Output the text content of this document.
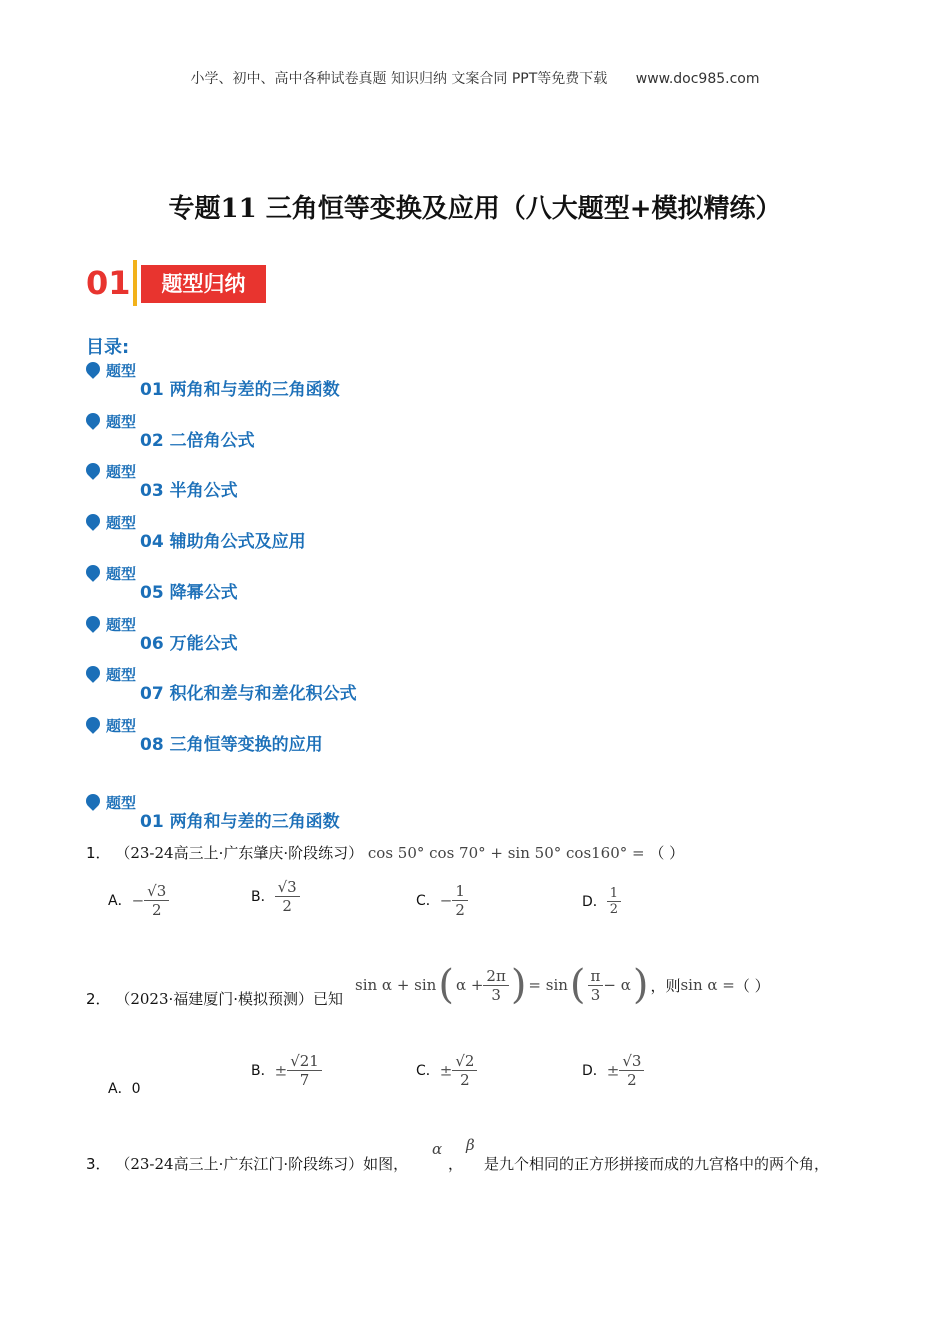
小学、初中、高中各种试卷真题 知识归纳 文案合同 PPT等免费下载 www.doc985.com
专题11 三角恒等变换及应用（八大题型+模拟精练）
01	题型归纳
目录:
题型
01 两角和与差的三角函数
题型
02 二倍角公式
题型
03 半角公式
题型
04 辅助角公式及应用
题型
05 降幂公式
题型
06 万能公式
题型
07 积化和差与和差化积公式
题型
08 三角恒等变换的应用
题型
01 两角和与差的三角函数
1． （23-24高三上·广东肇庆·阶段练习） cos 50° cos 70° + sin 50° cos160° = （ ）
A．− $\frac{√3}{2}$	B． $\frac{√3}{2}$	C．− $\frac{1}{2}$	D． $\frac{1}{2}$
2． （2023·福建厦门·模拟预测）已知
sin α + sin ( $\alpha + \frac{2\pi}{3}$ ) = sin ( $\frac{\pi}{3} - \alpha$ ) ，则 sin α = （ ）
A．0
B．± $\frac{√21}{7}$	C．± $\frac{√2}{2}$	D．± $\frac{√3}{2}$
3． （23-24高三上·广东江门·阶段练习）如图，
α
，
β
是九个相同的正方形拼接而成的九宫格中的两个角，
